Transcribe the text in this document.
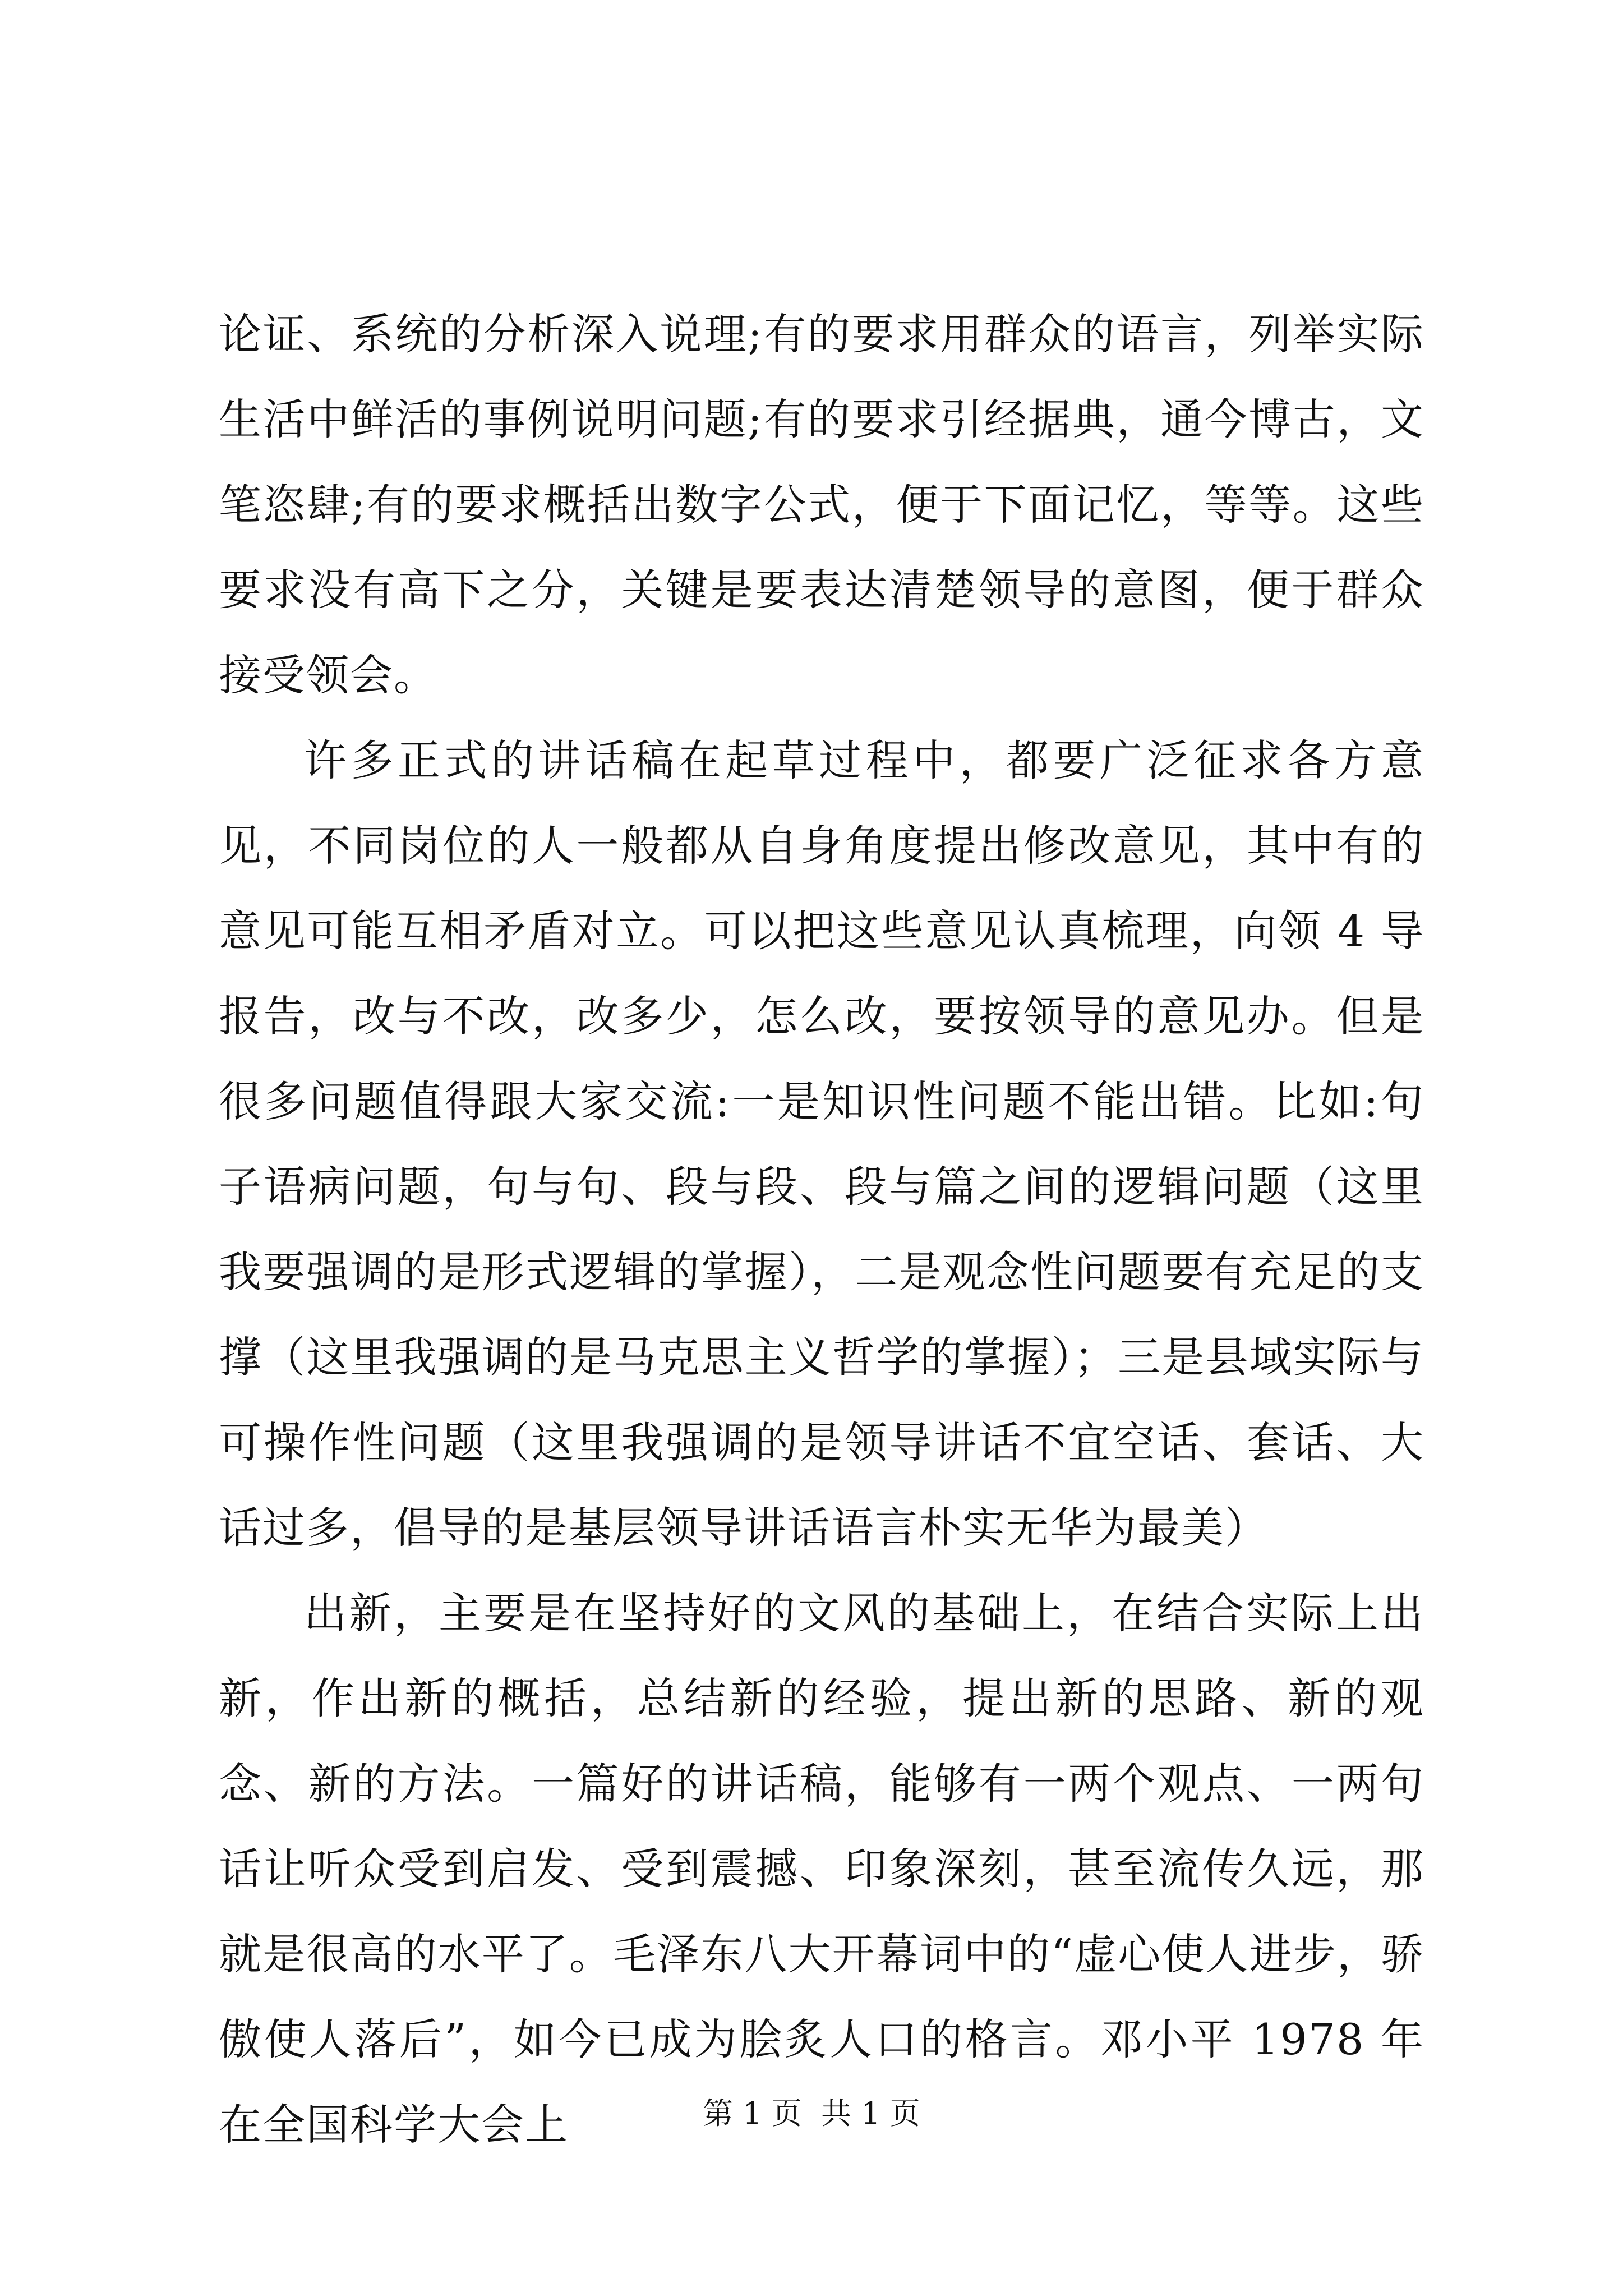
论证、系统的分析深入说理;有的要求用群众的语言，列举实际生活中鲜活的事例说明问题;有的要求引经据典，通今博古，文笔恣肆;有的要求概括出数字公式，便于下面记忆，等等。这些要求没有高下之分，关键是要表达清楚领导的意图，便于群众接受领会。

许多正式的讲话稿在起草过程中，都要广泛征求各方意见，不同岗位的人一般都从自身角度提出修改意见，其中有的意见可能互相矛盾对立。可以把这些意见认真梳理，向领 4 导报告，改与不改，改多少，怎么改，要按领导的意见办。但是很多问题值得跟大家交流:一是知识性问题不能出错。比如:句子语病问题，句与句、段与段、段与篇之间的逻辑问题（这里我要强调的是形式逻辑的掌握），二是观念性问题要有充足的支撑（这里我强调的是马克思主义哲学的掌握）；三是县域实际与可操作性问题（这里我强调的是领导讲话不宜空话、套话、大话过多，倡导的是基层领导讲话语言朴实无华为最美）

出新，主要是在坚持好的文风的基础上，在结合实际上出新，作出新的概括，总结新的经验，提出新的思路、新的观念、新的方法。一篇好的讲话稿，能够有一两个观点、一两句话让听众受到启发、受到震撼、印象深刻，甚至流传久远，那就是很高的水平了。毛泽东八大开幕词中的“虚心使人进步，骄傲使人落后”，如今已成为脍炙人口的格言。邓小平 1978 年在全国科学大会上	第 1 页  共 1 页
